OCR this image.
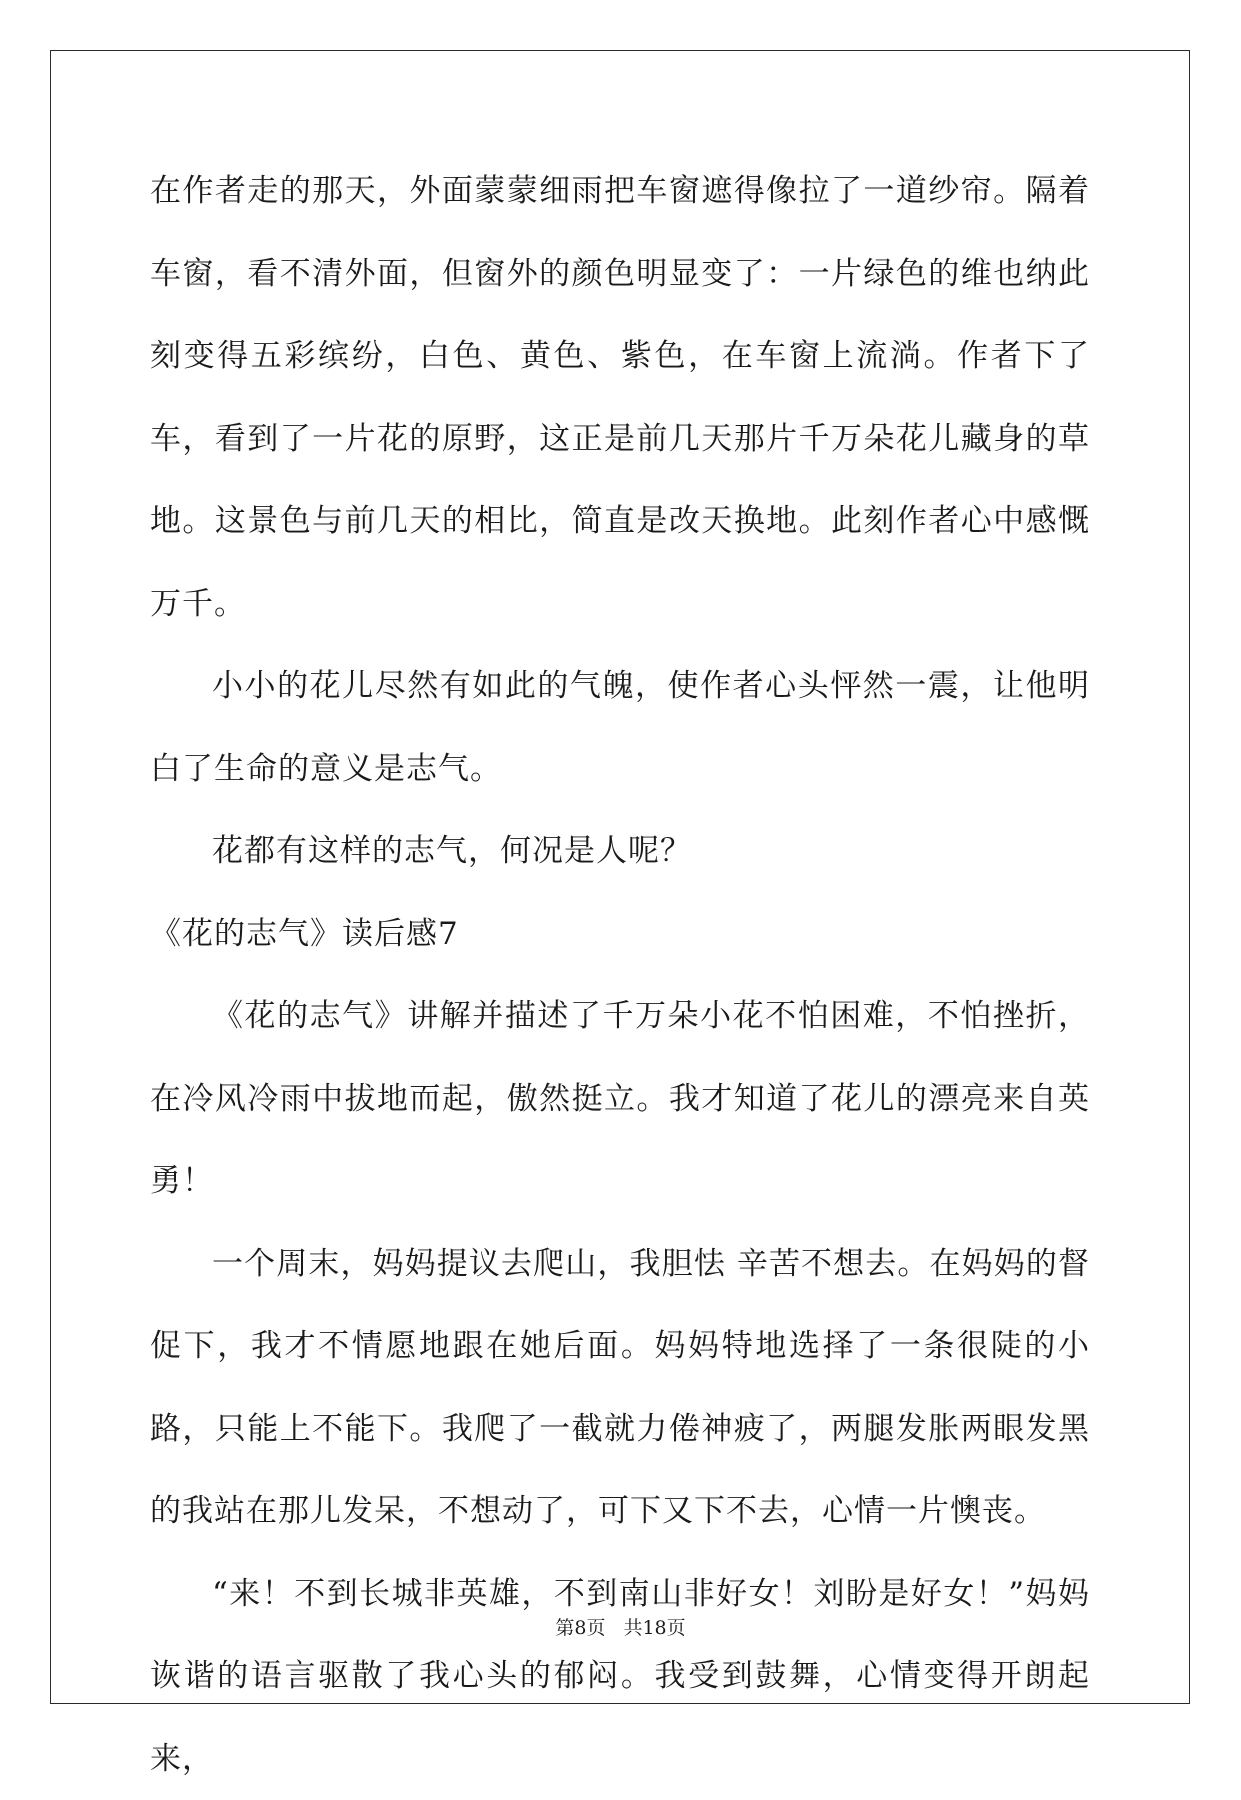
在作者走的那天，外面蒙蒙细雨把车窗遮得像拉了一道纱帘。隔着车窗，看不清外面，但窗外的颜色明显变了：一片绿色的维也纳此刻变得五彩缤纷，白色、黄色、紫色，在车窗上流淌。作者下了车，看到了一片花的原野，这正是前几天那片千万朵花儿藏身的草地。这景色与前几天的相比，简直是改天换地。此刻作者心中感慨万千。

小小的花儿尽然有如此的气魄，使作者心头怦然一震，让他明白了生命的意义是志气。

花都有这样的志气，何况是人呢？

《花的志气》读后感7

《花的志气》讲解并描述了千万朵小花不怕困难，不怕挫折，在冷风冷雨中拔地而起，傲然挺立。我才知道了花儿的漂亮来自英勇！

一个周末，妈妈提议去爬山，我胆怯 辛苦不想去。在妈妈的督促下，我才不情愿地跟在她后面。妈妈特地选择了一条很陡的小路，只能上不能下。我爬了一截就力倦神疲了，两腿发胀两眼发黑的我站在那儿发呆，不想动了，可下又下不去，心情一片懊丧。

“来！不到长城非英雄，不到南山非好女！刘盼是好女！”妈妈诙谐的语言驱散了我心头的郁闷。我受到鼓舞，心情变得开朗起来，

第8页 共18页
